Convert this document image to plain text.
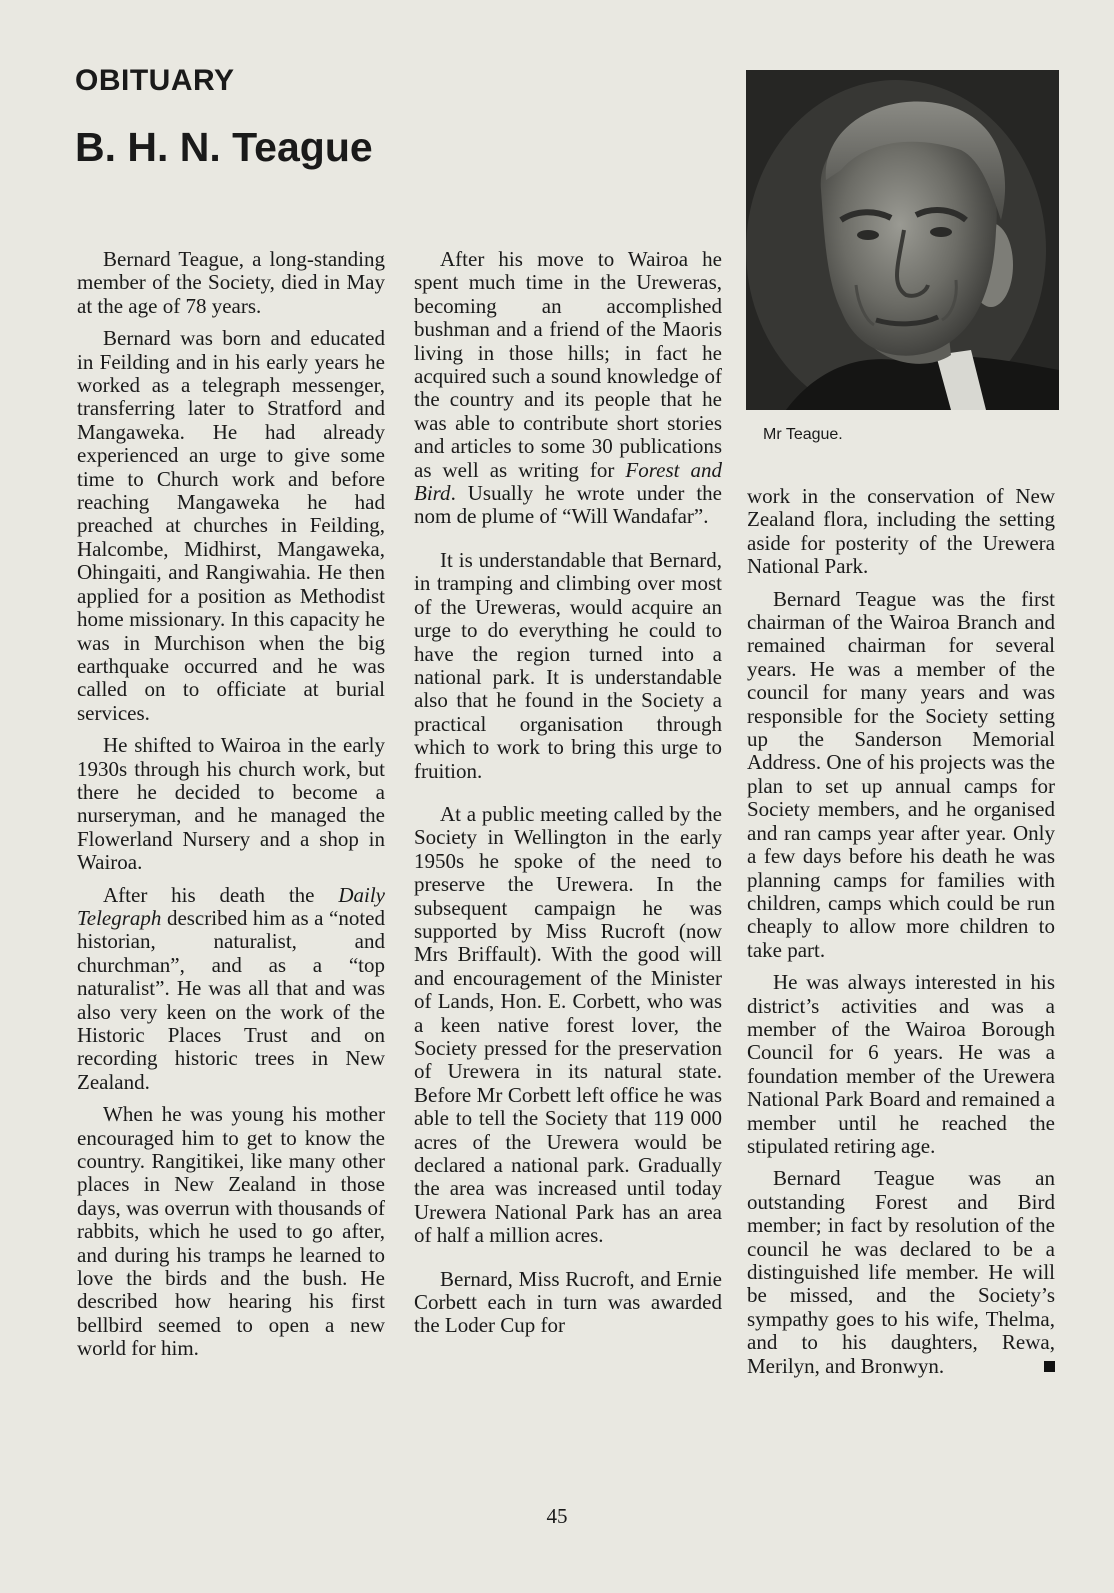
OBITUARY
B. H. N. Teague

Bernard Teague, a long-standing member of the Society, died in May at the age of 78 years.

Bernard was born and educated in Feilding and in his early years he worked as a telegraph messenger, transferring later to Stratford and Mangaweka. He had already experienced an urge to give some time to Church work and before reaching Mangaweka he had preached at churches in Feilding, Halcombe, Midhirst, Mangaweka, Ohingaiti, and Rangiwahia. He then applied for a position as Methodist home missionary. In this capacity he was in Murchison when the big earthquake occurred and he was called on to officiate at burial services.

He shifted to Wairoa in the early 1930s through his church work, but there he decided to become a nurseryman, and he managed the Flowerland Nursery and a shop in Wairoa.

After his death the Daily Telegraph described him as a “noted historian, naturalist, and churchman”, and as a “top naturalist”. He was all that and was also very keen on the work of the Historic Places Trust and on recording historic trees in New Zealand.

When he was young his mother encouraged him to get to know the country. Rangitikei, like many other places in New Zealand in those days, was overrun with thousands of rabbits, which he used to go after, and during his tramps he learned to love the birds and the bush. He described how hearing his first bellbird seemed to open a new world for him.

After his move to Wairoa he spent much time in the Ureweras, becoming an accomplished bushman and a friend of the Maoris living in those hills; in fact he acquired such a sound knowledge of the country and its people that he was able to contribute short stories and articles to some 30 publications as well as writing for Forest and Bird. Usually he wrote under the nom de plume of “Will Wandafar”.

It is understandable that Bernard, in tramping and climbing over most of the Ureweras, would acquire an urge to do everything he could to have the region turned into a national park. It is understandable also that he found in the Society a practical organisation through which to work to bring this urge to fruition.

At a public meeting called by the Society in Wellington in the early 1950s he spoke of the need to preserve the Urewera. In the subsequent campaign he was supported by Miss Rucroft (now Mrs Briffault). With the good will and encouragement of the Minister of Lands, Hon. E. Corbett, who was a keen native forest lover, the Society pressed for the preservation of Urewera in its natural state. Before Mr Corbett left office he was able to tell the Society that 119 000 acres of the Urewera would be declared a national park. Gradually the area was increased until today Urewera National Park has an area of half a million acres.

Bernard, Miss Rucroft, and Ernie Corbett each in turn was awarded the Loder Cup for

Mr Teague.

work in the conservation of New Zealand flora, including the setting aside for posterity of the Urewera National Park.

Bernard Teague was the first chairman of the Wairoa Branch and remained chairman for several years. He was a member of the council for many years and was responsible for the Society setting up the Sanderson Memorial Address. One of his projects was the plan to set up annual camps for Society members, and he organised and ran camps year after year. Only a few days before his death he was planning camps for families with children, camps which could be run cheaply to allow more children to take part.

He was always interested in his district’s activities and was a member of the Wairoa Borough Council for 6 years. He was a foundation member of the Urewera National Park Board and remained a member until he reached the stipulated retiring age.

Bernard Teague was an outstanding Forest and Bird member; in fact by resolution of the council he was declared to be a distinguished life member. He will be missed, and the Society’s sympathy goes to his wife, Thelma, and to his daughters, Rewa, Merilyn, and Bronwyn.

45
